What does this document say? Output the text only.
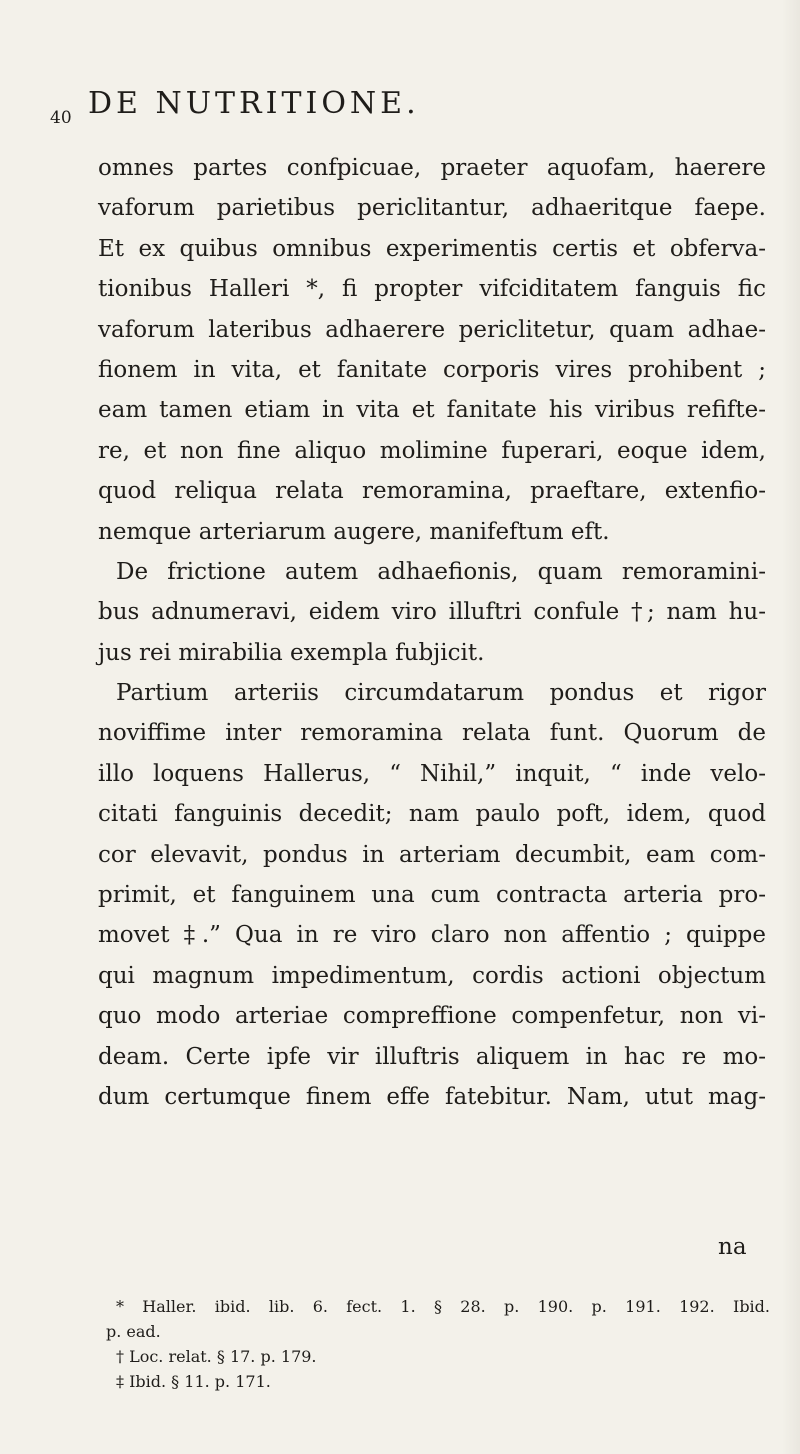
40 DE NUTRITIONE.
omnes partes confpicuae, praeter aquofam, haerere
vaforum parietibus periclitantur, adhaeritque faepe.
Et ex quibus omnibus experimentis certis et obferva-
tionibus Halleri *, fi propter vifciditatem fanguis fic
vaforum lateribus adhaerere periclitetur, quam adhae-
fionem in vita, et fanitate corporis vires prohibent ;
eam tamen etiam in vita et fanitate his viribus refifte-
re, et non fine aliquo molimine fuperari, eoque idem,
quod reliqua relata remoramina, praeftare, extenfio-
nemque arteriarum augere, manifeftum eft.
De frictione autem adhaefionis, quam remoramini-
bus adnumeravi, eidem viro illuftri confule †; nam hu-
jus rei mirabilia exempla fubjicit.
Partium arteriis circumdatarum pondus et rigor
noviffime inter remoramina relata funt. Quorum de
illo loquens Hallerus, “ Nihil,” inquit, “ inde velo-
citati fanguinis decedit; nam paulo poft, idem, quod
cor elevavit, pondus in arteriam decumbit, eam com-
primit, et fanguinem una cum contracta arteria pro-
movet ‡.” Qua in re viro claro non affentio ; quippe
qui magnum impedimentum, cordis actioni objectum
quo modo arteriae compreffione compenfetur, non vi-
deam. Certe ipfe vir illuftris aliquem in hac re mo-
dum certumque finem effe fatebitur. Nam, utut mag-
na
* Haller. ibid. lib. 6. fect. 1. § 28. p. 190. p. 191. 192. Ibid.
p. ead.
† Loc. relat. § 17. p. 179.
‡ Ibid. § 11. p. 171.
